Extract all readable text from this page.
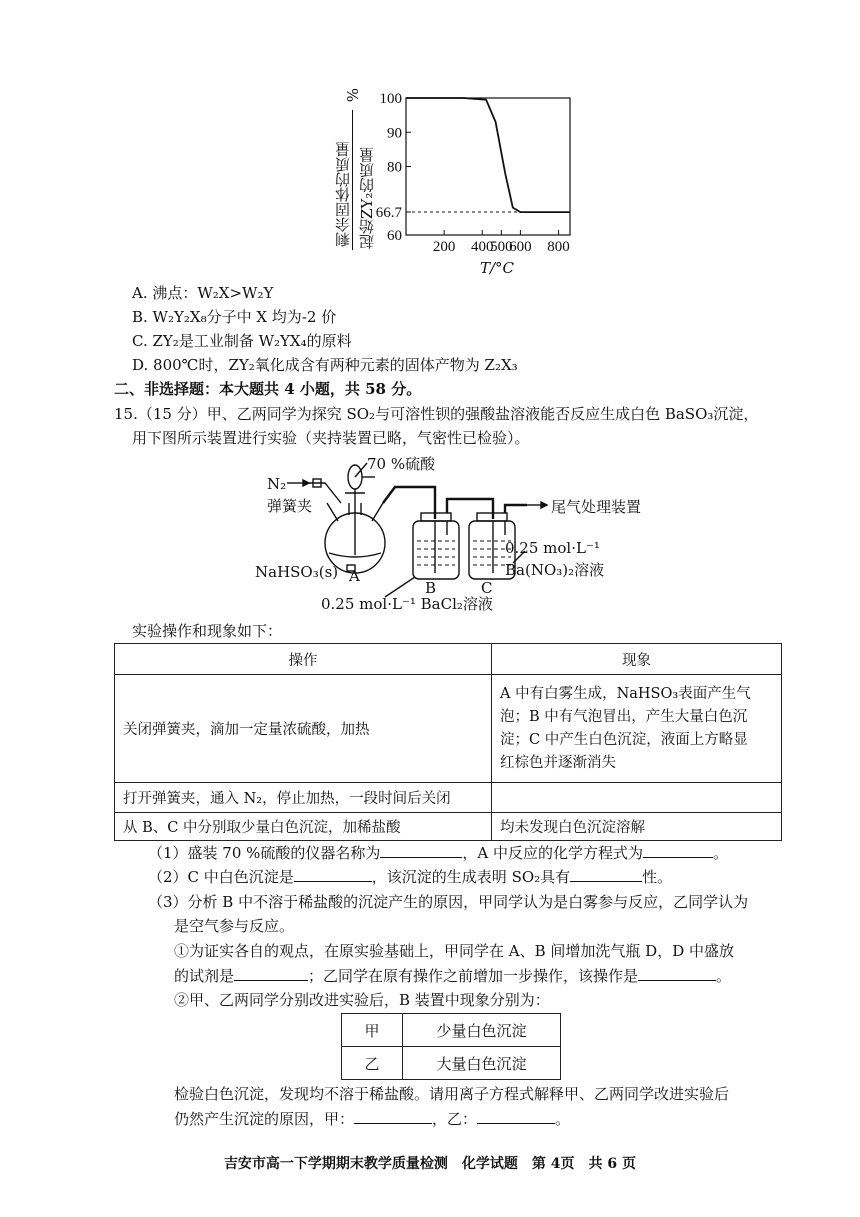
剩余固体的质量 起始ZY₂的质量
% 100
90
80
66.7
60
200 400
500
600 800
T/°C
A. 沸点：W₂X>W₂Y
B. W₂Y₂X₈分子中 X 均为-2 价
C. ZY₂是工业制备 W₂YX₄的原料
D. 800℃时，ZY₂氧化成含有两种元素的固体产物为 Z₂X₃
二、非选择题：本大题共 4 小题，共 58 分。
15.（15 分）甲、乙两同学为探究 SO₂与可溶性钡的强酸盐溶液能否反应生成白色 BaSO₃沉淀，
用下图所示装置进行实验（夹持装置已略，气密性已检验）。
N₂
弹簧夹
70 %硫酸
NaHSO₃(s) A
B	C
0.25 mol·L⁻¹ BaCl₂溶液
0.25 mol·L⁻¹
Ba(NO₃)₂溶液
尾气处理装置
实验操作和现象如下：
操作	现象
关闭弹簧夹，滴加一定量浓硫酸，加热	A 中有白雾生成，NaHSO₃表面产生气
泡；B 中有气泡冒出，产生大量白色沉
淀；C 中产生白色沉淀，液面上方略显
红棕色并逐渐消失

打开弹簧夹，通入 N₂，停止加热，一段时间后关闭	
从 B、C 中分别取少量白色沉淀，加稀盐酸	均未发现白色沉淀溶解
（1）盛装 70 %硫酸的仪器名称为	，A 中反应的化学方程式为	。
（2）C 中白色沉淀是	，该沉淀的生成表明 SO₂具有	性。
（3）分析 B 中不溶于稀盐酸的沉淀产生的原因，甲同学认为是白雾参与反应，乙同学认为
是空气参与反应。
①为证实各自的观点，在原实验基础上，甲同学在 A、B 间增加洗气瓶 D，D 中盛放
的试剂是	；乙同学在原有操作之前增加一步操作，该操作是	。
②甲、乙两同学分别改进实验后，B 装置中现象分别为：
甲	少量白色沉淀
乙	大量白色沉淀
检验白色沉淀，发现均不溶于稀盐酸。请用离子方程式解释甲、乙两同学改进实验后
仍然产生沉淀的原因，甲：	，乙：	。
吉安市高一下学期期末教学质量检测　化学试题　第 4页　共 6 页
